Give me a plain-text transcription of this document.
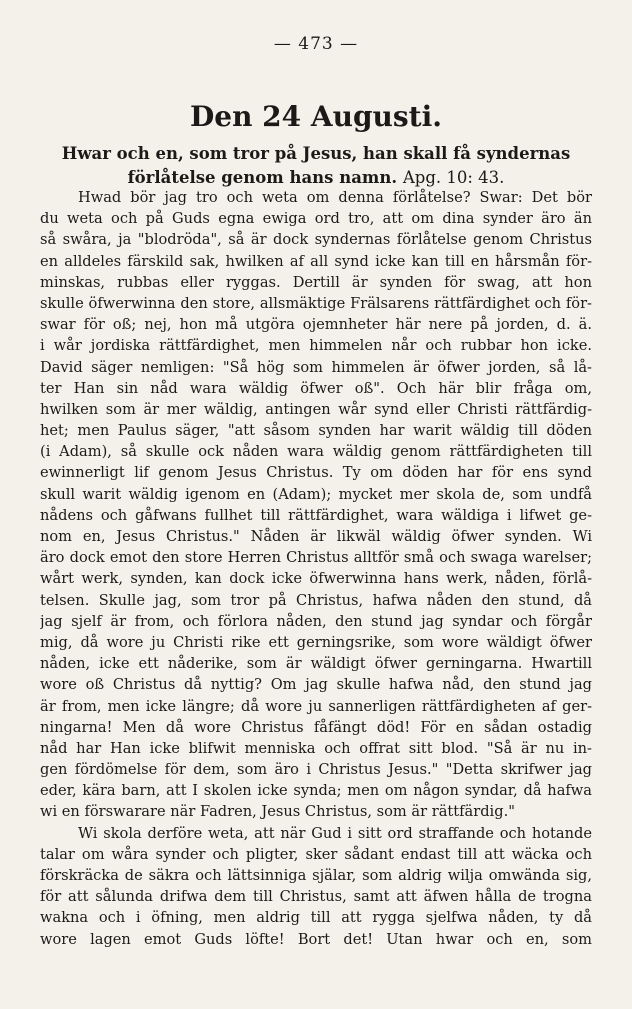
— 473 —
Den 24 Augusti.
Hwar och en, som tror på Jesus, han skall få syndernas
förlåtelse genom hans namn. Apg. 10: 43.
Hwad bör jag tro och weta om denna förlåtelse? Swar: Det bör
du weta och på Guds egna ewiga ord tro, att om dina synder äro än
så swåra, ja "blodröda", så är dock syndernas förlåtelse genom Christus
en alldeles färskild sak, hwilken af all synd icke kan till en hårsmån för-
minskas, rubbas eller ryggas. Dertill är synden för swag, att hon
skulle öfwerwinna den store, allsmäktige Frälsarens rättfärdighet och för-
swar för oß; nej, hon må utgöra ojemnheter här nere på jorden, d. ä.
i wår jordiska rättfärdighet, men himmelen når och rubbar hon icke.
David säger nemligen: "Så hög som himmelen är öfwer jorden, så lå-
ter Han sin nåd wara wäldig öfwer oß". Och här blir fråga om,
hwilken som är mer wäldig, antingen wår synd eller Christi rättfärdig-
het; men Paulus säger, "att såsom synden har warit wäldig till döden
(i Adam), så skulle ock nåden wara wäldig genom rättfärdigheten till
ewinnerligt lif genom Jesus Christus. Ty om döden har för ens synd
skull warit wäldig igenom en (Adam); mycket mer skola de, som undfå
nådens och gåfwans fullhet till rättfärdighet, wara wäldiga i lifwet ge-
nom en, Jesus Christus." Nåden är likwäl wäldig öfwer synden. Wi
äro dock emot den store Herren Christus alltför små och swaga warelser;
wårt werk, synden, kan dock icke öfwerwinna hans werk, nåden, förlå-
telsen. Skulle jag, som tror på Christus, hafwa nåden den stund, då
jag sjelf är from, och förlora nåden, den stund jag syndar och förgår
mig, då wore ju Christi rike ett gerningsrike, som wore wäldigt öfwer
nåden, icke ett nåderike, som är wäldigt öfwer gerningarna. Hwartill
wore oß Christus då nyttig? Om jag skulle hafwa nåd, den stund jag
är from, men icke längre; då wore ju sannerligen rättfärdigheten af ger-
ningarna! Men då wore Christus fåfängt död! För en sådan ostadig
nåd har Han icke blifwit menniska och offrat sitt blod. "Så är nu in-
gen fördömelse för dem, som äro i Christus Jesus." "Detta skrifwer jag
eder, kära barn, att I skolen icke synda; men om någon syndar, då hafwa
wi en förswarare när Fadren, Jesus Christus, som är rättfärdig."
Wi skola derföre weta, att när Gud i sitt ord straffande och hotande
talar om wåra synder och pligter, sker sådant endast till att wäcka och
förskräcka de säkra och lättsinniga själar, som aldrig wilja omwända sig,
för att sålunda drifwa dem till Christus, samt att äfwen hålla de trogna
wakna och i öfning, men aldrig till att rygga sjelfwa nåden, ty då
wore lagen emot Guds löfte! Bort det! Utan hwar och en, som
